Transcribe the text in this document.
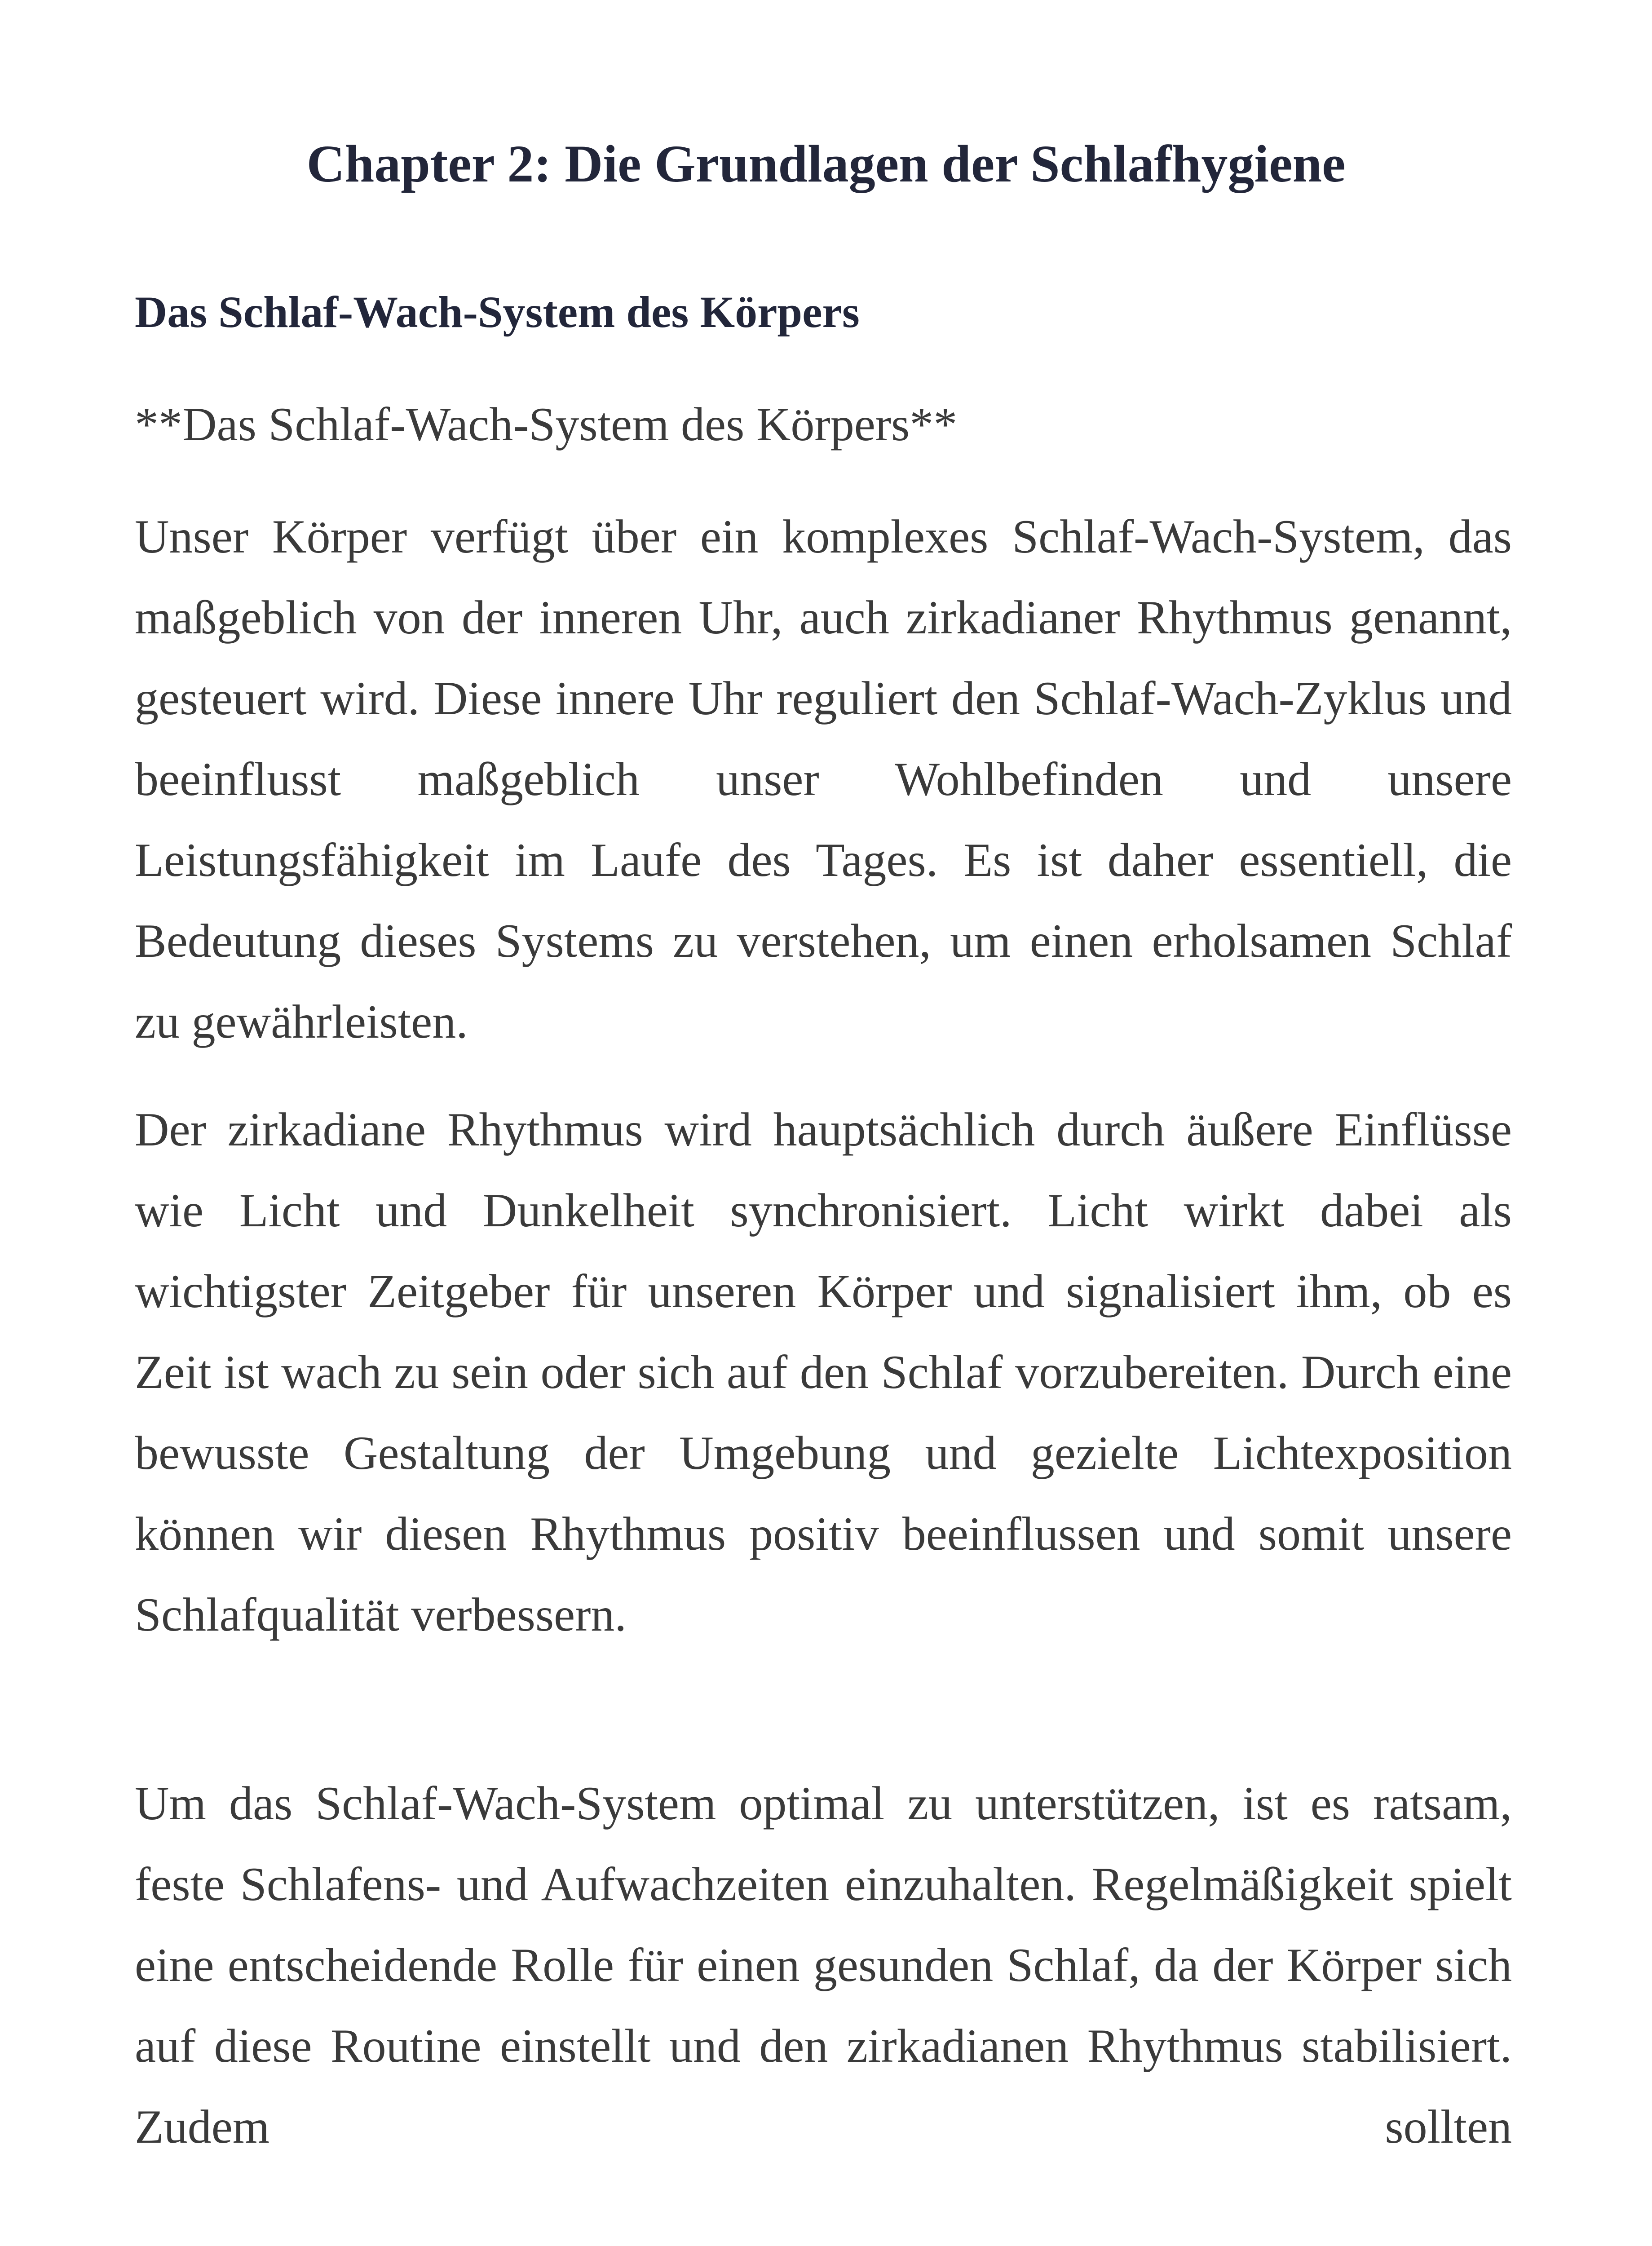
Chapter 2: Die Grundlagen der Schlafhygiene
Das Schlaf-Wach-System des Körpers

**Das Schlaf-Wach-System des Körpers**

Unser Körper verfügt über ein komplexes Schlaf-Wach-System, das maßgeblich von der inneren Uhr, auch zirkadianer Rhythmus genannt, gesteuert wird. Diese innere Uhr reguliert den Schlaf-Wach-Zyklus und beeinflusst maßgeblich unser Wohlbefinden und unsere Leistungsfähigkeit im Laufe des Tages. Es ist daher essentiell, die Bedeutung dieses Systems zu verstehen, um einen erholsamen Schlaf zu gewährleisten.

Der zirkadiane Rhythmus wird hauptsächlich durch äußere Einflüsse wie Licht und Dunkelheit synchronisiert. Licht wirkt dabei als wichtigster Zeitgeber für unseren Körper und signalisiert ihm, ob es Zeit ist wach zu sein oder sich auf den Schlaf vorzubereiten. Durch eine bewusste Gestaltung der Umgebung und gezielte Lichtexposition können wir diesen Rhythmus positiv beeinflussen und somit unsere Schlafqualität verbessern.

Um das Schlaf-Wach-System optimal zu unterstützen, ist es ratsam, feste Schlafens- und Aufwachzeiten einzuhalten. Regelmäßigkeit spielt eine entscheidende Rolle für einen gesunden Schlaf, da der Körper sich auf diese Routine einstellt und den zirkadianen Rhythmus stabilisiert. Zudem sollten
